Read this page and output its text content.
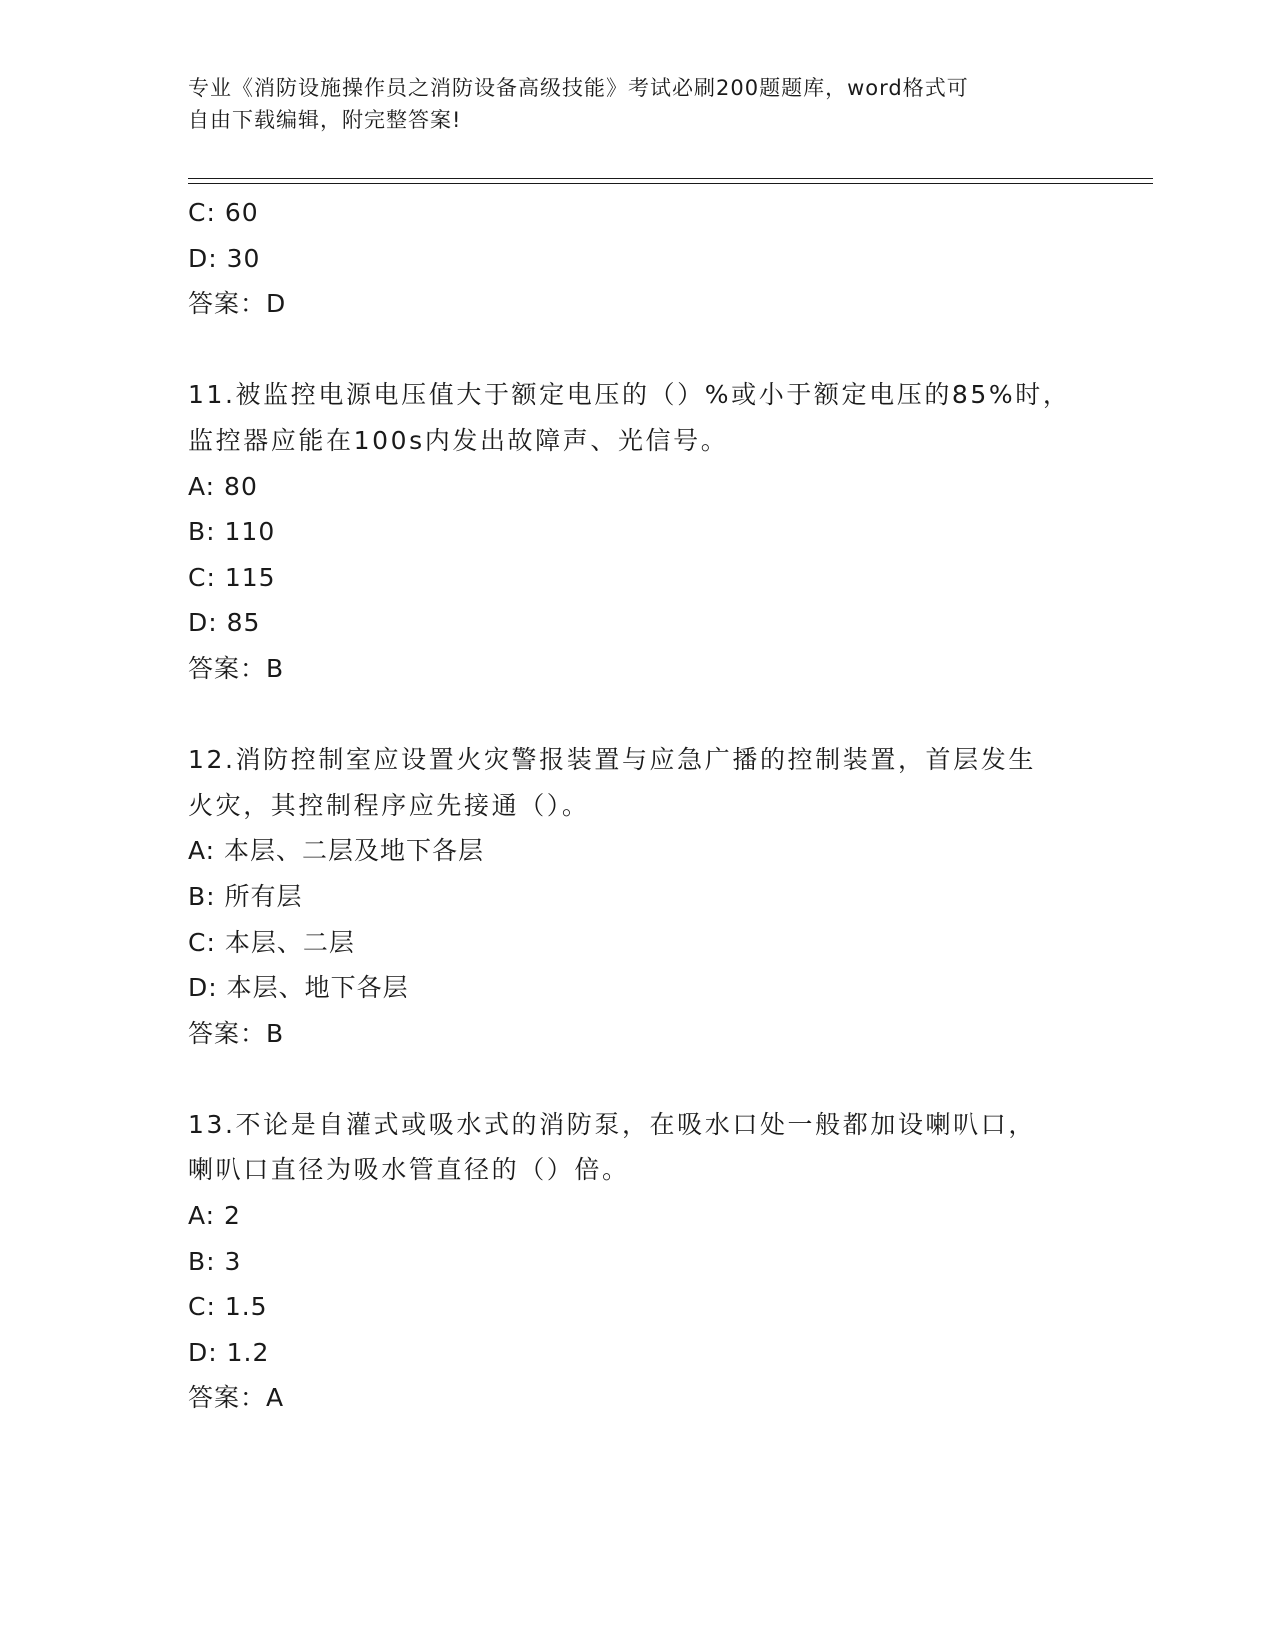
专业《消防设施操作员之消防设备高级技能》考试必刷200题题库，word格式可
自由下载编辑，附完整答案!
C: 60
D: 30
答案：D
11.被监控电源电压值大于额定电压的（）%或小于额定电压的85%时，
监控器应能在100s内发出故障声、光信号。
A: 80
B: 110
C: 115
D: 85
答案：B
12.消防控制室应设置火灾警报装置与应急广播的控制装置，首层发生
火灾，其控制程序应先接通（）。
A: 本层、二层及地下各层
B: 所有层
C: 本层、二层
D: 本层、地下各层
答案：B
13.不论是自灌式或吸水式的消防泵，在吸水口处一般都加设喇叭口，
喇叭口直径为吸水管直径的（）倍。
A: 2
B: 3
C: 1.5
D: 1.2
答案：A
